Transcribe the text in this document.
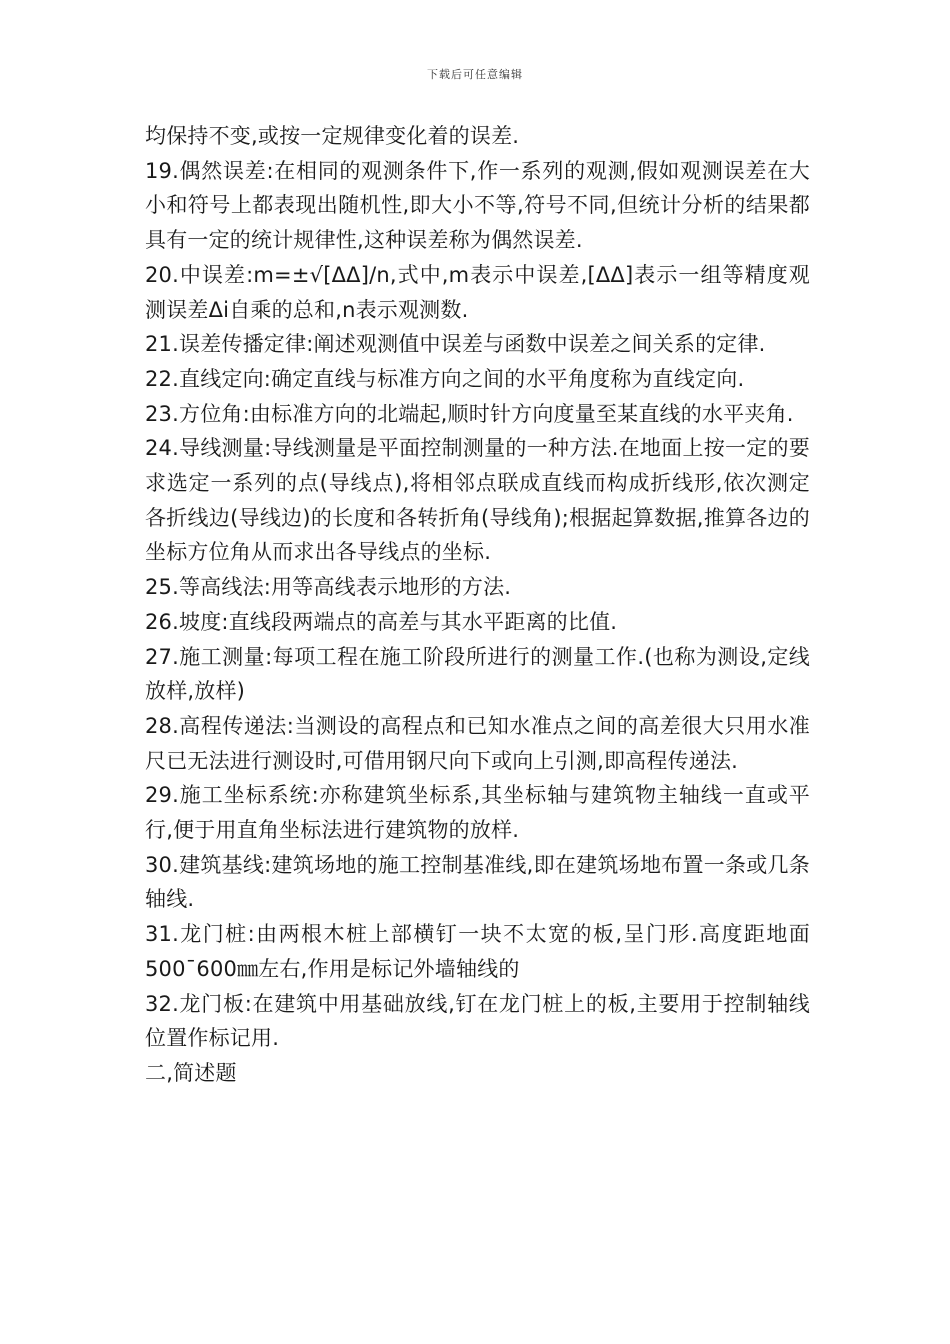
下载后可任意编辑

均保持不变,或按一定规律变化着的误差.

19.偶然误差:在相同的观测条件下,作一系列的观测,假如观测误差在大小和符号上都表现出随机性,即大小不等,符号不同,但统计分析的结果都具有一定的统计规律性,这种误差称为偶然误差.

20.中误差:m=±√[ΔΔ]/n,式中,m表示中误差,[ΔΔ]表示一组等精度观测误差Δi自乘的总和,n表示观测数.

21.误差传播定律:阐述观测值中误差与函数中误差之间关系的定律.

22.直线定向:确定直线与标准方向之间的水平角度称为直线定向.

23.方位角:由标准方向的北端起,顺时针方向度量至某直线的水平夹角.

24.导线测量:导线测量是平面控制测量的一种方法.在地面上按一定的要求选定一系列的点(导线点),将相邻点联成直线而构成折线形,依次测定各折线边(导线边)的长度和各转折角(导线角);根据起算数据,推算各边的坐标方位角从而求出各导线点的坐标.

25.等高线法:用等高线表示地形的方法.

26.坡度:直线段两端点的高差与其水平距离的比值.

27.施工测量:每项工程在施工阶段所进行的测量工作.(也称为测设,定线放样,放样)

28.高程传递法:当测设的高程点和已知水准点之间的高差很大只用水准尺已无法进行测设时,可借用钢尺向下或向上引测,即高程传递法.

29.施工坐标系统:亦称建筑坐标系,其坐标轴与建筑物主轴线一直或平行,便于用直角坐标法进行建筑物的放样.

30.建筑基线:建筑场地的施工控制基准线,即在建筑场地布置一条或几条轴线.

31.龙门桩:由两根木桩上部横钉一块不太宽的板,呈门形.高度距地面500¯600㎜左右,作用是标记外墙轴线的

32.龙门板:在建筑中用基础放线,钉在龙门桩上的板,主要用于控制轴线位置作标记用.

二,简述题
